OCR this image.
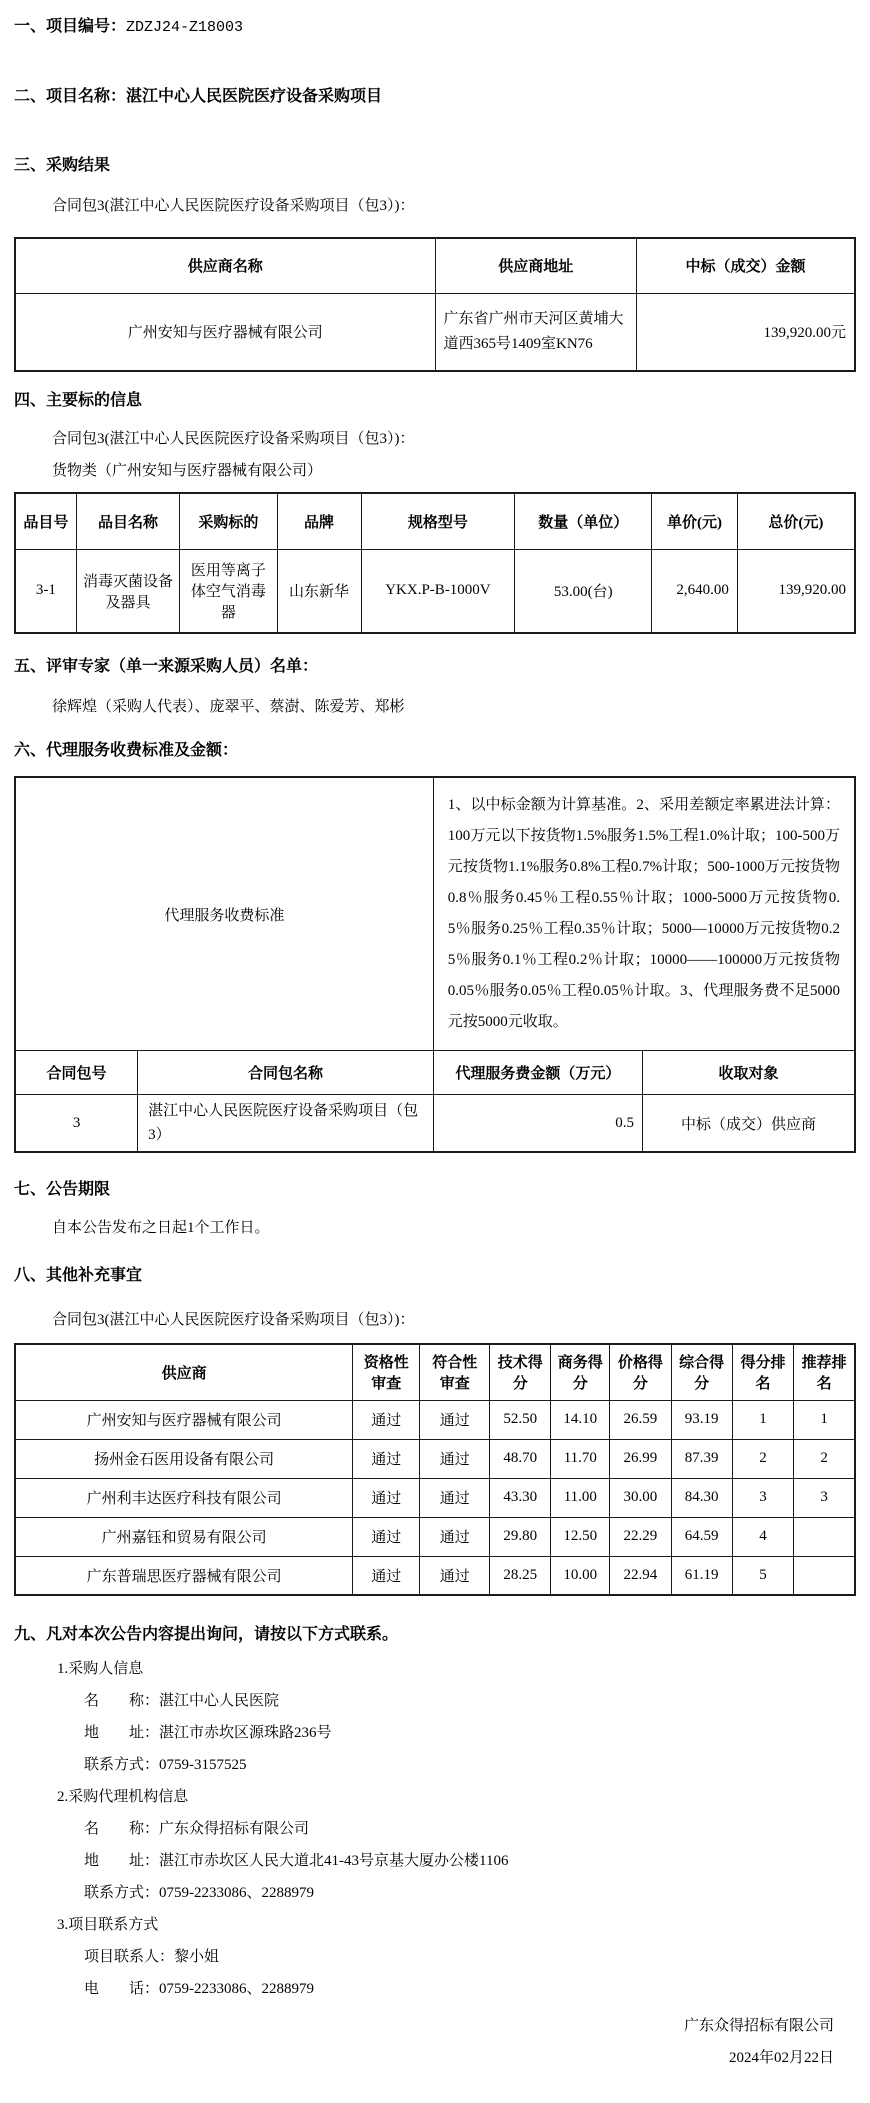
一、项目编号：ZDZJ24-Z18003

二、项目名称：湛江中心人民医院医疗设备采购项目

三、采购结果

合同包3(湛江中心人民医院医疗设备采购项目（包3）)：

供应商名称	供应商地址	中标（成交）金额
广州安知与医疗器械有限公司	广东省广州市天河区黄埔大道西365号1409室KN76	139,920.00元

四、主要标的信息

合同包3(湛江中心人民医院医疗设备采购项目（包3）)：

货物类（广州安知与医疗器械有限公司）

品目号	品目名称	采购标的	品牌	规格型号	数量（单位）	单价(元)	总价(元)
3-1	消毒灭菌设备及器具	医用等离子体空气消毒器	山东新华	YKX.P-B-1000V	53.00(台)	2,640.00	139,920.00

五、评审专家（单一来源采购人员）名单：

徐辉煌（采购人代表）、庞翠平、蔡澍、陈爱芳、郑彬

六、代理服务收费标准及金额：

代理服务收费标准		1、以中标金额为计算基准。2、采用差额定率累进法计算：100万元以下按货物1.5%服务1.5%工程1.0%计取；100-500万元按货物1.1%服务0.8%工程0.7%计取；500-1000万元按货物0.8％服务0.45％工程0.55％计取；1000-5000万元按货物0.5％服务0.25％工程0.35％计取；5000—10000万元按货物0.25％服务0.1％工程0.2％计取；10000——100000万元按货物0.05％服务0.05％工程0.05％计取。3、代理服务费不足5000元按5000元收取。	
合同包号	合同包名称	代理服务费金额（万元）	收取对象
3	湛江中心人民医院医疗设备采购项目（包3）	0.5	中标（成交）供应商

七、公告期限

自本公告发布之日起1个工作日。

八、其他补充事宜

合同包3(湛江中心人民医院医疗设备采购项目（包3）)：

供应商	资格性审查	符合性审查	技术得分	商务得分	价格得分	综合得分	得分排名	推荐排名
广州安知与医疗器械有限公司	通过	通过	52.50	14.10	26.59	93.19	1	1
扬州金石医用设备有限公司	通过	通过	48.70	11.70	26.99	87.39	2	2
广州利丰达医疗科技有限公司	通过	通过	43.30	11.00	30.00	84.30	3	3
广州嘉钰和贸易有限公司	通过	通过	29.80	12.50	22.29	64.59	4	
广东普瑞思医疗器械有限公司	通过	通过	28.25	10.00	22.94	61.19	5	

九、凡对本次公告内容提出询问，请按以下方式联系。

1.采购人信息

名　　称：湛江中心人民医院

地　　址：湛江市赤坎区源珠路236号

联系方式：0759-3157525

2.采购代理机构信息

名　　称：广东众得招标有限公司

地　　址：湛江市赤坎区人民大道北41-43号京基大厦办公楼1106

联系方式：0759-2233086、2288979

3.项目联系方式

项目联系人：黎小姐

电　　话：0759-2233086、2288979

广东众得招标有限公司

2024年02月22日
